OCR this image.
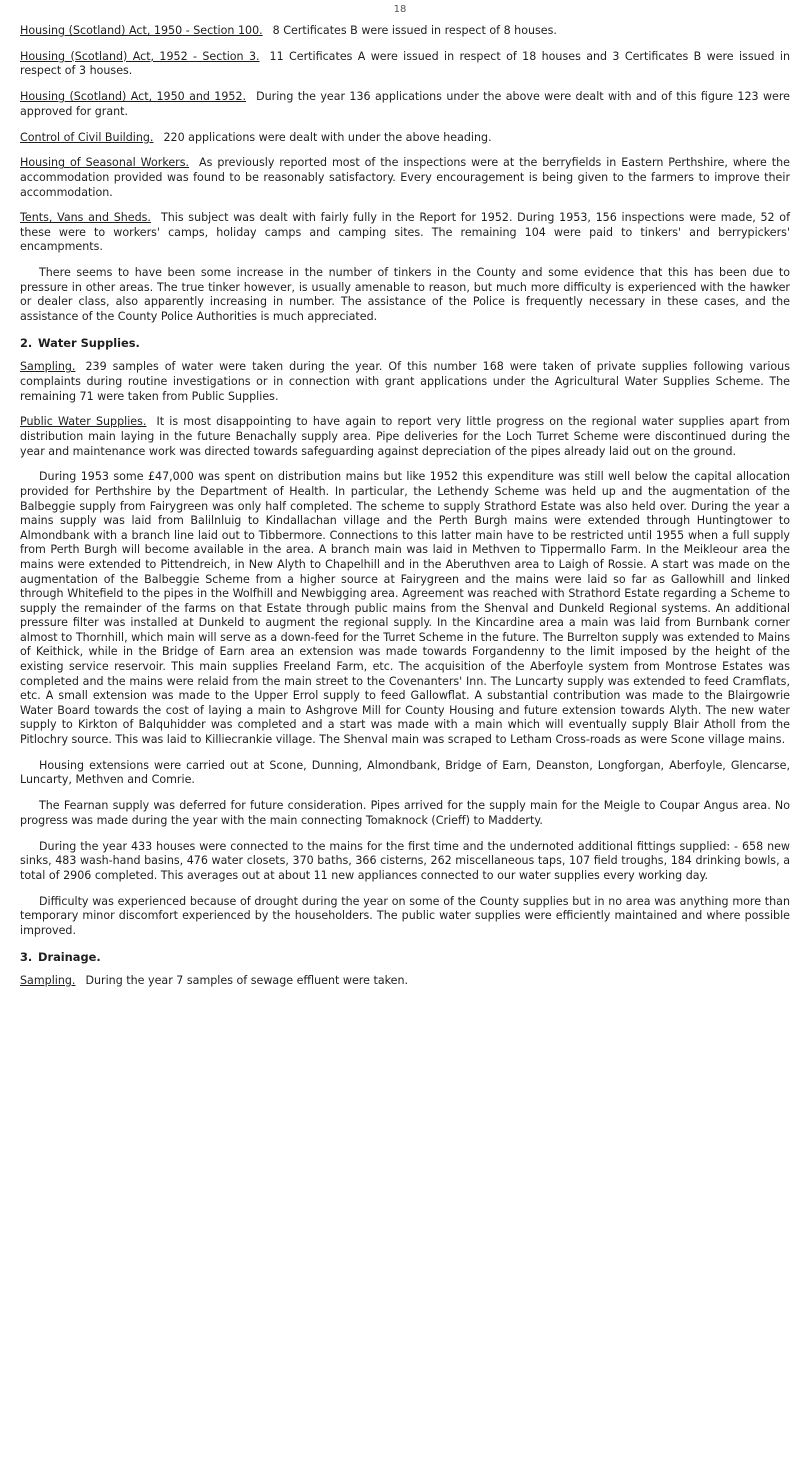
18

Housing (Scotland) Act, 1950 - Section 100. 8 Certificates B were issued in respect of 8 houses.

Housing (Scotland) Act, 1952 - Section 3. 11 Certificates A were issued in respect of 18 houses and 3 Certificates B were issued in respect of 3 houses.

Housing (Scotland) Act, 1950 and 1952. During the year 136 applications under the above were dealt with and of this figure 123 were approved for grant.

Control of Civil Building. 220 applications were dealt with under the above heading.

Housing of Seasonal Workers. As previously reported most of the inspections were at the berryfields in Eastern Perthshire, where the accommodation provided was found to be reasonably satisfactory. Every encouragement is being given to the farmers to improve their accommodation.

Tents, Vans and Sheds. This subject was dealt with fairly fully in the Report for 1952. During 1953, 156 inspections were made, 52 of these were to workers' camps, holiday camps and camping sites. The remaining 104 were paid to tinkers' and berrypickers' encampments.

There seems to have been some increase in the number of tinkers in the County and some evidence that this has been due to pressure in other areas. The true tinker however, is usually amenable to reason, but much more difficulty is experienced with the hawker or dealer class, also apparently increasing in number. The assistance of the Police is frequently necessary in these cases, and the assistance of the County Police Authorities is much appreciated.

2. Water Supplies.

Sampling. 239 samples of water were taken during the year. Of this number 168 were taken of private supplies following various complaints during routine investigations or in connection with grant applications under the Agricultural Water Supplies Scheme. The remaining 71 were taken from Public Supplies.

Public Water Supplies. It is most disappointing to have again to report very little progress on the regional water supplies apart from distribution main laying in the future Benachally supply area. Pipe deliveries for the Loch Turret Scheme were discontinued during the year and maintenance work was directed towards safeguarding against depreciation of the pipes already laid out on the ground.

During 1953 some £47,000 was spent on distribution mains but like 1952 this expenditure was still well below the capital allocation provided for Perthshire by the Department of Health. In particular, the Lethendy Scheme was held up and the augmentation of the Balbeggie supply from Fairygreen was only half completed. The scheme to supply Strathord Estate was also held over. During the year a mains supply was laid from Balilnluig to Kindallachan village and the Perth Burgh mains were extended through Huntingtower to Almondbank with a branch line laid out to Tibbermore. Connections to this latter main have to be restricted until 1955 when a full supply from Perth Burgh will become available in the area. A branch main was laid in Methven to Tippermallo Farm. In the Meikleour area the mains were extended to Pittendreich, in New Alyth to Chapelhill and in the Aberuthven area to Laigh of Rossie. A start was made on the augmentation of the Balbeggie Scheme from a higher source at Fairygreen and the mains were laid so far as Gallowhill and linked through Whitefield to the pipes in the Wolfhill and Newbigging area. Agreement was reached with Strathord Estate regarding a Scheme to supply the remainder of the farms on that Estate through public mains from the Shenval and Dunkeld Regional systems. An additional pressure filter was installed at Dunkeld to augment the regional supply. In the Kincardine area a main was laid from Burnbank corner almost to Thornhill, which main will serve as a down-feed for the Turret Scheme in the future. The Burrelton supply was extended to Mains of Keithick, while in the Bridge of Earn area an extension was made towards Forgandenny to the limit imposed by the height of the existing service reservoir. This main supplies Freeland Farm, etc. The acquisition of the Aberfoyle system from Montrose Estates was completed and the mains were relaid from the main street to the Covenanters' Inn. The Luncarty supply was extended to feed Cramflats, etc. A small extension was made to the Upper Errol supply to feed Gallowflat. A substantial contribution was made to the Blairgowrie Water Board towards the cost of laying a main to Ashgrove Mill for County Housing and future extension towards Alyth. The new water supply to Kirkton of Balquhidder was completed and a start was made with a main which will eventually supply Blair Atholl from the Pitlochry source. This was laid to Killiecrankie village. The Shenval main was scraped to Letham Cross-roads as were Scone village mains.

Housing extensions were carried out at Scone, Dunning, Almondbank, Bridge of Earn, Deanston, Longforgan, Aberfoyle, Glencarse, Luncarty, Methven and Comrie.

The Fearnan supply was deferred for future consideration. Pipes arrived for the supply main for the Meigle to Coupar Angus area. No progress was made during the year with the main connecting Tomaknock (Crieff) to Madderty.

During the year 433 houses were connected to the mains for the first time and the undernoted additional fittings supplied: - 658 new sinks, 483 wash-hand basins, 476 water closets, 370 baths, 366 cisterns, 262 miscellaneous taps, 107 field troughs, 184 drinking bowls, a total of 2906 completed. This averages out at about 11 new appliances connected to our water supplies every working day.

Difficulty was experienced because of drought during the year on some of the County supplies but in no area was anything more than temporary minor discomfort experienced by the householders. The public water supplies were efficiently maintained and where possible improved.

3. Drainage.

Sampling. During the year 7 samples of sewage effluent were taken.
